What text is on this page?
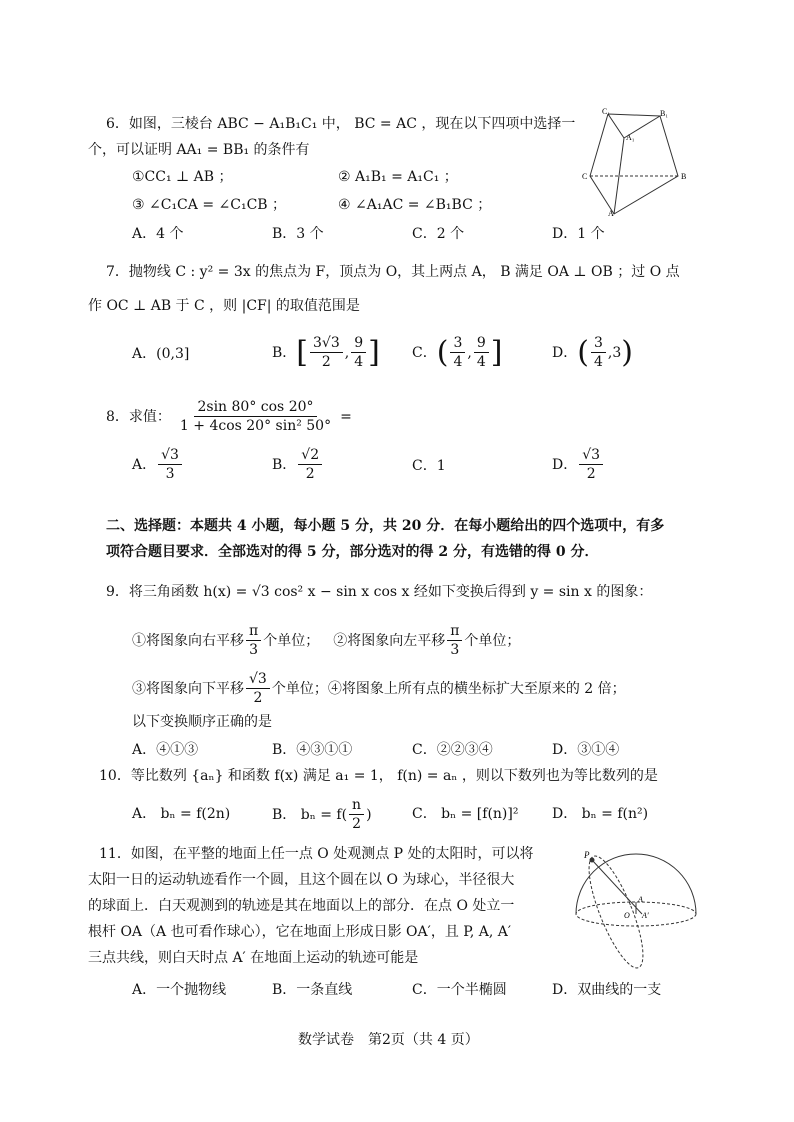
6．如图，三棱台 ABC − A₁B₁C₁ 中， BC = AC ，现在以下四项中选择一
个，可以证明 AA₁ = BB₁ 的条件有
①CC₁ ⊥ AB ；	② A₁B₁ = A₁C₁ ；
③ ∠C₁CA = ∠C₁CB ；	④ ∠A₁AC = ∠B₁BC ；
A．4 个	B．3 个	C．2 个	D．1 个
C₁	B₁
A₁
C	B
A
7．抛物线 C : y² = 3x 的焦点为 F，顶点为 O，其上两点 A， B 满足 OA ⊥ OB ；过 O 点
作 OC ⊥ AB 于 C ，则 |CF| 的取值范围是
A．(0,3]	B． [ $\frac{3√3}{2}$ , $\frac{9}{4}$ ] C． ( $\frac{3}{4}$ , $\frac{9}{4}$ ]	D． ( $\frac{3}{4} ,3$ )
8．求值： $\frac{2\sin 80^\circ \cos 20^\circ}{\text{1 + 4cos 20° sin² 50°}}$ =
A． $\frac{√3}{3}$	B． $\frac{√2}{2}$	C．1	D． $\frac{√3}{2}$
二、选择题：本题共 4 小题，每小题 5 分，共 20 分．在每小题给出的四个选项中，有多
项符合题目要求．全部选对的得 5 分，部分选对的得 2 分，有选错的得 0 分．
9．将三角函数 h(x) = √3 cos² x − sin x cos x 经如下变换后得到 y = sin x 的图象：
①将图象向右平移 $\frac{\pi}{3}$ 个单位； ②将图象向左平移 $\frac{\pi}{3}$ 个单位；
③将图象向下平移 $\frac{√3}{2}$ 个单位；④将图象上所有点的横坐标扩大至原来的 2 倍；
以下变换顺序正确的是
A．④①③	B．④③①①	C．②②③④	D．③①④
10．等比数列 {aₙ} 和函数 f(x) 满足 a₁ = 1， f(n) = aₙ ，则以下数列也为等比数列的是
A． bₙ = f(2n)	B． $b_n = f( \frac{n}{2}$ )	C． bₙ = [f(n)]² D． bₙ = f(n²)
11．如图，在平整的地面上任一点 O 处观测点 P 处的太阳时，可以将
太阳一日的运动轨迹看作一个圆，且这个圆在以 O 为球心，半径很大
的球面上．白天观测到的轨迹是其在地面以上的部分．在点 O 处立一
根杆 OA（A 也可看作球心），它在地面上形成日影 OA′，且 P, A, A′
三点共线，则白天时点 A′ 在地面上运动的轨迹可能是
A．一个抛物线	B．一条直线	C．一个半椭圆	D．双曲线的一支
P
A
O A′
数学试卷　第2页（共 4 页）
